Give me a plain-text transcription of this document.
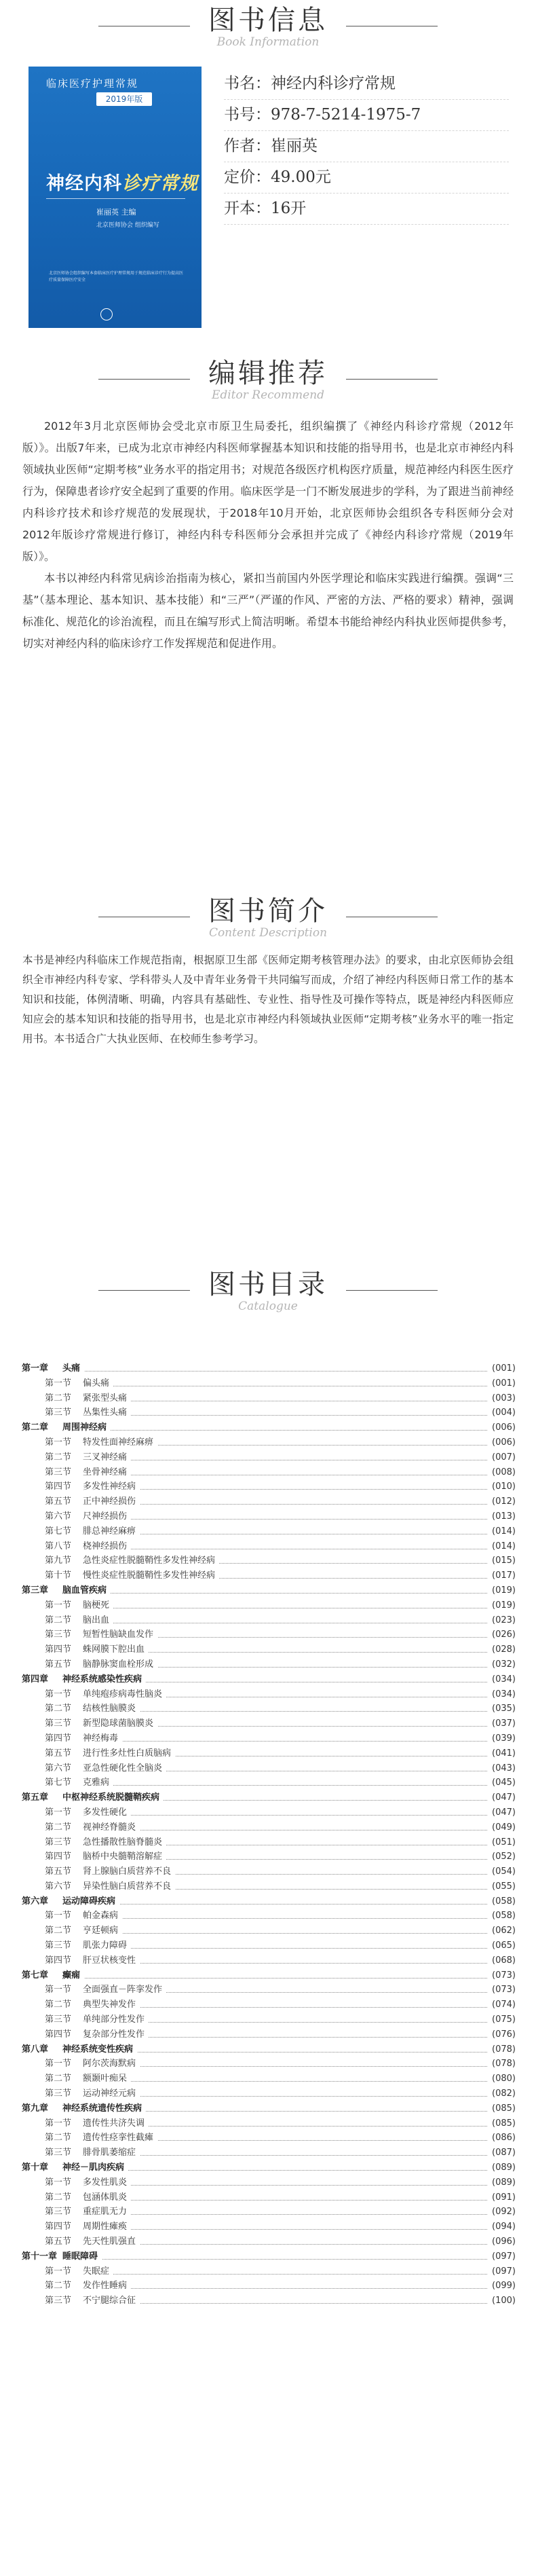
图书信息
Book Information
临床医疗护理常规
2019年版
神经内科诊疗常规
崔丽英 主编
北京医师协会 组织编写
北京医师协会组织编写本套临床医疗护理常规用于规范临床诊疗行为提高医疗质量保障医疗安全
书名：神经内科诊疗常规
书号：978-7-5214-1975-7
作者：崔丽英
定价：49.00元
开本：16开
编辑推荐
Editor Recommend

2012年3月北京医师协会受北京市原卫生局委托，组织编撰了《神经内科诊疗常规（2012年版）》。出版7年来，已成为北京市神经内科医师掌握基本知识和技能的指导用书，也是北京市神经内科领域执业医师“定期考核”业务水平的指定用书；对规范各级医疗机构医疗质量，规范神经内科医生医疗行为，保障患者诊疗安全起到了重要的作用。临床医学是一门不断发展进步的学科，为了跟进当前神经内科诊疗技术和诊疗规范的发展现状，于2018年10月开始，北京医师协会组织各专科医师分会对2012年版诊疗常规进行修订，神经内科专科医师分会承担并完成了《神经内科诊疗常规（2019年版）》。

本书以神经内科常见病诊治指南为核心，紧扣当前国内外医学理论和临床实践进行编撰。强调“三基”（基本理论、基本知识、基本技能）和“三严”（严谨的作风、严密的方法、严格的要求）精神，强调标准化、规范化的诊治流程，而且在编写形式上简洁明晰。希望本书能给神经内科执业医师提供参考，切实对神经内科的临床诊疗工作发挥规范和促进作用。

图书简介
Content Description

本书是神经内科临床工作规范指南，根据原卫生部《医师定期考核管理办法》的要求，由北京医师协会组织全市神经内科专家、学科带头人及中青年业务骨干共同编写而成，介绍了神经内科医师日常工作的基本知识和技能，体例清晰、明确，内容具有基础性、专业性、指导性及可操作等特点，既是神经内科医师应知应会的基本知识和技能的指导用书，也是北京市神经内科领域执业医师“定期考核”业务水平的唯一指定用书。本书适合广大执业医师、在校师生参考学习。

图书目录
Catalogue
第一章 头痛	(001)
第一节 偏头痛	(001)
第二节 紧张型头痛	(003)
第三节 丛集性头痛	(004)
第二章 周围神经病	(006)
第一节 特发性面神经麻痹	(006)
第二节 三叉神经痛	(007)
第三节 坐骨神经痛	(008)
第四节 多发性神经病	(010)
第五节 正中神经损伤	(012)
第六节 尺神经损伤	(013)
第七节 腓总神经麻痹	(014)
第八节 桡神经损伤	(014)
第九节 急性炎症性脱髓鞘性多发性神经病	(015)
第十节 慢性炎症性脱髓鞘性多发性神经病	(017)
第三章 脑血管疾病	(019)
第一节 脑梗死	(019)
第二节 脑出血	(023)
第三节 短暂性脑缺血发作	(026)
第四节 蛛网膜下腔出血	(028)
第五节 脑静脉窦血栓形成	(032)
第四章 神经系统感染性疾病	(034)
第一节 单纯疱疹病毒性脑炎	(034)
第二节 结核性脑膜炎	(035)
第三节 新型隐球菌脑膜炎	(037)
第四节 神经梅毒	(039)
第五节 进行性多灶性白质脑病	(041)
第六节 亚急性硬化性全脑炎	(043)
第七节 克雅病	(045)
第五章 中枢神经系统脱髓鞘疾病	(047)
第一节 多发性硬化	(047)
第二节 视神经脊髓炎	(049)
第三节 急性播散性脑脊髓炎	(051)
第四节 脑桥中央髓鞘溶解症	(052)
第五节 肾上腺脑白质营养不良	(054)
第六节 异染性脑白质营养不良	(055)
第六章 运动障碍疾病	(058)
第一节 帕金森病	(058)
第二节 亨廷顿病	(062)
第三节 肌张力障碍	(065)
第四节 肝豆状核变性	(068)
第七章 癫痫	(073)
第一节 全面强直－阵挛发作	(073)
第二节 典型失神发作	(074)
第三节 单纯部分性发作	(075)
第四节 复杂部分性发作	(076)
第八章 神经系统变性疾病	(078)
第一节 阿尔茨海默病	(078)
第二节 额颞叶痴呆	(080)
第三节 运动神经元病	(082)
第九章 神经系统遗传性疾病	(085)
第一节 遗传性共济失调	(085)
第二节 遗传性痉挛性截瘫	(086)
第三节 腓骨肌萎缩症	(087)
第十章 神经－肌肉疾病	(089)
第一节 多发性肌炎	(089)
第二节 包涵体肌炎	(091)
第三节 重症肌无力	(092)
第四节 周期性瘫痪	(094)
第五节 先天性肌强直	(096)
第十一章 睡眠障碍	(097)
第一节 失眠症	(097)
第二节 发作性睡病	(099)
第三节 不宁腿综合征	(100)
